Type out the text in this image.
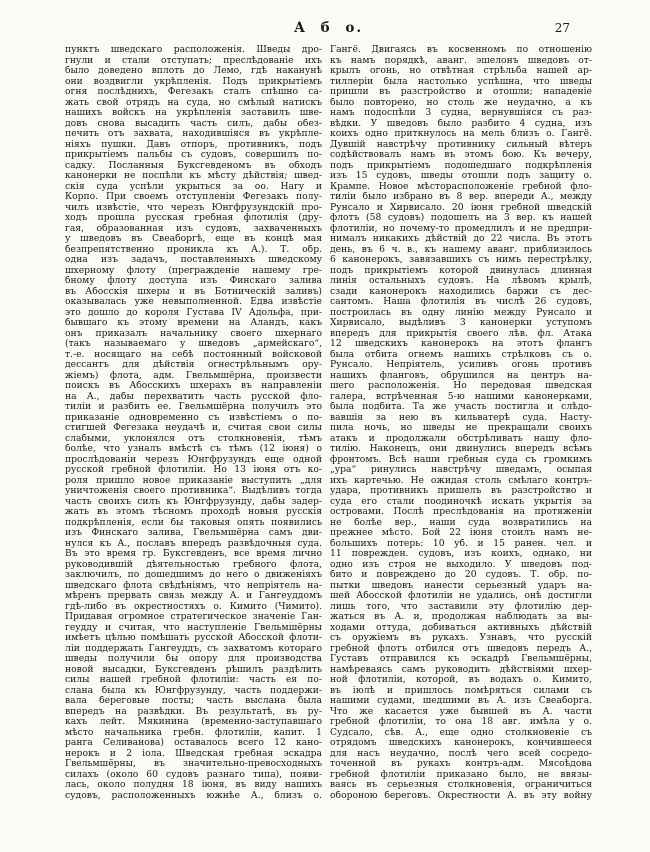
А б о.	27
пунктъ шведскаго расположенія. Шведы дро-
гнули и стали отступать; преслѣдованіе ихъ
было доведено вплоть до Лемо, гдѣ наканунѣ
они воздвигли укрѣпленія. Подъ прикрытіемъ
огня послѣднихъ, Фегезакъ сталъ спѣшно са-
жать свой отрядъ на суда, но смѣлый натискъ
нашихъ войскъ на укрѣпленія заставилъ шве-
довъ снова высадить часть силъ, дабы обез-
печить отъ захвата, находившіяся въ укрѣпле-
ніяхъ пушки. Давъ отпоръ, противникъ, подъ
прикрытіемъ пальбы съ судовъ, совершилъ по-
садку. Посланныя Буксгевденомъ въ обходъ
канонерки не поспѣли къ мѣсту дѣйствія; швед-
скія суда успѣли укрыться за оо. Нагу и
Корпо. При своемъ отступленіи Фегезакъ полу-
чилъ извѣстіе, что черезъ Юнгфрузундскій про-
ходъ прошла русская гребная флотилія (дру-
гая, образованная изъ судовъ, захваченныхъ
у шведовъ въ Свеаборгѣ, еще въ концѣ мая
безпрепятственно проникла къ А.). Т. обр.
одна изъ задачъ, поставленныхъ шведскому
шхерному флоту (прегражденіе нашему гре-
бному флоту доступа изъ Финскаго залива
въ Абосскія шхеры и въ Ботническій заливъ)
оказывалась уже невыполненной. Едва извѣстіе
это дошло до короля Густава IV Адольфа, при-
бывшаго къ этому времени на Аландъ, какъ
онъ приказалъ начальнику своего шхернаго
(такъ называемаго у шведовъ „армейскаго“,
т.-е. носящаго на себѣ постоянный войсковой
дессантъ для дѣйствія огнестрѣльнымъ ору-
жіемъ) флота, адм. Гвельмшёрна, произвести
поискъ въ Абосскихъ шхерахъ въ направленіи
на А., дабы перехватить часть русской фло-
тиліи и разбить ее. Гвельмшёрна получилъ это
приказаніе одновременно съ извѣстіемъ о по-
стигшей Фегезака неудачѣ и, считая свои силы
слабыми, уклонялся отъ столкновенія, тѣмъ
болѣе, что узналъ вмѣстѣ съ тѣмъ (12 іюня) о
прослѣдованіи черезъ Юнгфрузундъ еще одной
русской гребной флотиліи. Но 13 іюня отъ ко-
роля пришло новое приказаніе выступить „для
уничтоженія своего противника“. Выдѣливъ тогда
часть своихъ силъ къ Юнгфрузунду, дабы задер-
жать въ этомъ тѣсномъ проходѣ новыя русскія
подкрѣпленія, если бы таковыя опять появились
изъ Финскаго залива, Гвельмшёрна самъ дви-
нулся къ А., пославъ впередъ развѣдочныя суда.
Въ это время гр. Буксгевденъ, все время лично
руководившій дѣятельностью гребного флота,
заключилъ, по дошедшимъ до него о движеніяхъ
шведскаго флота свѣдѣніямъ, что непріятель на-
мѣренъ прервать связь между А. и Гангеуддомъ
гдѣ-либо въ окрестностяхъ о. Кимито (Чимито).
Придавая огромное стратегическое значеніе Ган-
геудду и считая, что наступленіе Гвельмшёрны
имѣетъ цѣлью помѣшать русской Абосской флоти-
ліи поддержать Гангеуддъ, съ захватомъ котораго
шведы получили бы опору для производства
новой высадки, Буксгевденъ рѣшилъ раздѣлить
силы нашей гребной флотиліи: часть ея по-
слана была къ Юнгфрузунду, часть поддержи-
вала береговые посты; часть выслана была
впередъ на развѣдки. Въ результатѣ, въ ру-
кахъ лейт. Мякинина (временно-заступавшаго
мѣсто начальника гребн. флотиліи, капит. 1
ранга Селиванова) оставалось всего 12 кано-
нерокъ и 2 іола. Шведская гребная эскадра
Гвельмшёрны, въ значительно-превосходныхъ
силахъ (около 60 судовъ разнаго типа), появи-
лась, около полудня 18 іюня, въ виду нашихъ
судовъ, расположенныхъ южнѣе А., близъ о.
Гангё. Двигаясь въ косвенномъ по отношенію
къ намъ порядкѣ, аванг. эшелонъ шведовъ от-
крылъ огонь, но отвѣтная стрѣльба нашей ар-
тиллеріи была настолько успѣшна, что шведы
пришли въ разстройство и отошли; нападеніе
было повторено, но столь же неудачно, а къ
намъ подоспѣли 3 судна, вернувшіяся съ раз-
вѣдки. У шведовъ было разбито 4 судна, изъ
коихъ одно приткнулось на мель близъ о. Гангё.
Дувшій навстрѣчу противнику сильный вѣтеръ
содѣйствовалъ намъ въ этомъ бою. Къ вечеру,
подъ прикрытіемъ подошедшаго подкрѣпленія
изъ 15 судовъ, шведы отошли подъ защиту о.
Крампе. Новое мѣсторасположеніе гребной фло-
тиліи было избрано въ 8 вер. впереди А., между
Рунсало и Хирвисало. 20 іюня гребной шведскій
флотъ (58 судовъ) подошелъ на 3 вер. къ нашей
флотиліи, но почему-то промедлилъ и не предпри-
нималъ никакихъ дѣйствій до 22 числа. Въ этотъ
день, въ 6 ч. в., къ нашему аванг. приблизилось
6 канонерокъ, завязавшихъ съ нимъ перестрѣлку,
подъ прикрытіемъ которой двинулась длинная
линія остальныхъ судовъ. На лѣвомъ крылѣ,
сзади канонерокъ находились баржи съ дес-
сантомъ. Наша флотилія въ числѣ 26 судовъ,
построилась въ одну линію между Рунсало и
Хирвисало, выдѣливъ 3 канонерки уступомъ
впередъ для прикрытія своего лѣв. фл. Атака
12 шведскихъ канонерокъ на этотъ флангъ
была отбита огнемъ нашихъ стрѣлковъ съ о.
Рунсало. Непріятель, усиливъ огонь противъ
нашихъ фланговъ, обрушился на центръ на-
шего расположенія. Но передовая шведская
галера, встрѣченная 5-ю нашими канонерками,
была подбита. Та же участь постигла и слѣдо-
вавшія за нею въ кильватерѣ суда. Насту-
пила ночь, но шведы не прекращали своихъ
атакъ и продолжали обстрѣливать нашу фло-
тилію. Наконецъ, они двинулись впередъ всѣмъ
фронтомъ. Всѣ наши гребныя суда съ громкимъ
„ура“ ринулись навстрѣчу шведамъ, осыпая
ихъ картечью. Не ожидая столь смѣлаго контръ-
удара, противникъ пришелъ въ разстройство и
суда его стали поодиночкѣ искать укрытія за
островами. Послѣ преслѣдованія на протяженіи
не болѣе вер., наши суда возвратились на
прежнее мѣсто. Бой 22 іюня стоилъ намъ не-
большихъ потерь: 10 уб. и 15 ранен. чел. и
11 поврежден. судовъ, изъ коихъ, однако, ни
одно изъ строя не выходило. У шведовъ под-
бито и повреждено до 20 судовъ. Т. обр. по-
пытки шведовъ нанести серьезный ударъ на-
шей Абосской флотиліи не удались, онѣ достигли
лишь того, что заставили эту флотилію дер-
жаться въ А. и, продолжая наблюдать за вы-
ходами оттуда, добиваться активныхъ дѣйствій
съ оружіемъ въ рукахъ. Узнавъ, что русскій
гребной флотъ отбился отъ шведовъ передъ А.,
Густавъ отправился къ эскадрѣ Гвельмшёрны,
намѣреваясь самъ руководить дѣйствіями шхер-
ной флотиліи, которой, въ водахъ о. Кимито,
въ іюлѣ и пришлось помѣряться силами съ
нашими судами, шедшими въ А. изъ Свеаборга.
Что же касается уже бывшей въ А. части
гребной флотиліи, то она 18 авг. имѣла у о.
Судсало, сѣв. А., еще одно столкновеніе съ
отрядомъ шведскихъ канонерокъ, кончившееся
для насъ неудачно, послѣ чего всей сосредо-
точенной въ рукахъ контръ-адм. Мясоѣдова
гребной флотиліи приказано было, не ввязы-
ваясь въ серьезныя столкновенія, ограничиться
обороною береговъ. Окрестности А. въ эту войну
